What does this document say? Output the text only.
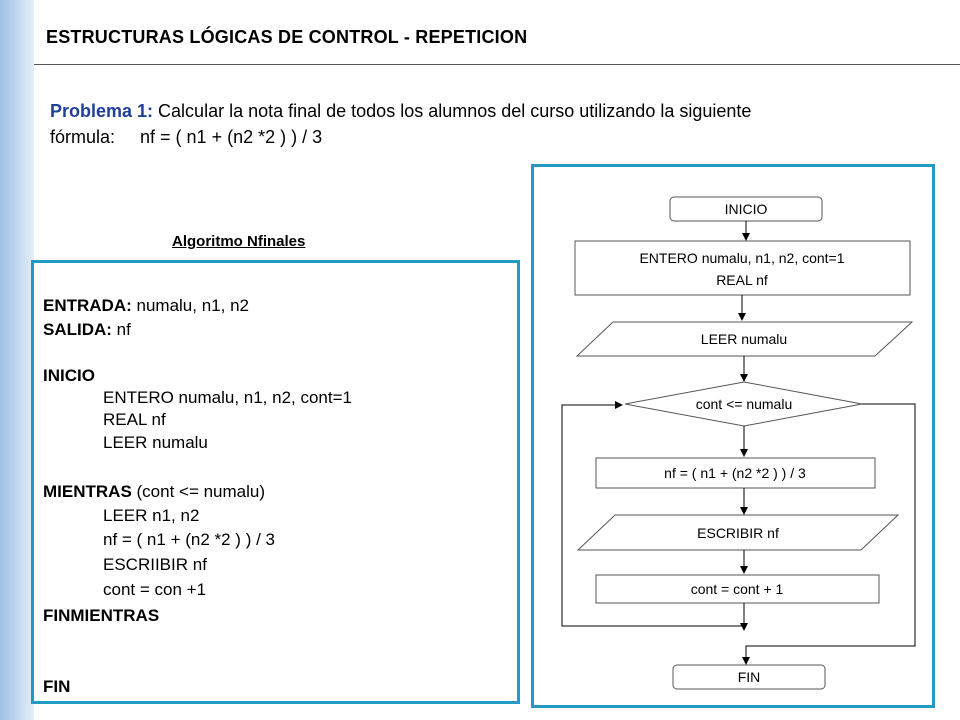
ESTRUCTURAS LÓGICAS DE CONTROL - REPETICION
Problema 1: Calcular la nota final de todos los alumnos del curso utilizando la siguiente
fórmula:     nf = ( n1 + (n2 *2 ) ) / 3
Algoritmo Nfinales
ENTRADA: numalu, n1, n2
SALIDA: nf
INICIO
ENTERO numalu, n1, n2, cont=1
REAL nf
LEER numalu
MIENTRAS (cont <= numalu)
LEER n1, n2
nf = ( n1 + (n2 *2 ) ) / 3
ESCRIIBIR nf
cont = con +1
FINMIENTRAS
FIN
INICIO
ENTERO numalu, n1, n2, cont=1
REAL nf
LEER numalu
cont <= numalu
nf = ( n1 + (n2 *2 ) ) / 3
ESCRIBIR nf
cont = cont + 1
FIN
